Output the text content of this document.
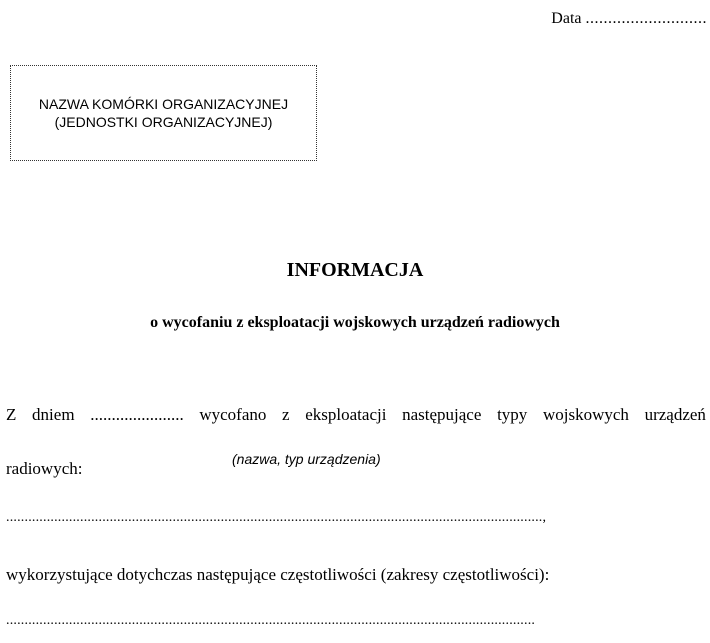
Data ...........................
NAZWA KOMÓRKI ORGANIZACYJNEJ
(JEDNOSTKI ORGANIZACYJNEJ)
INFORMACJA
o wycofaniu z eksploatacji wojskowych urządzeń radiowych
Z dniem ...................... wycofano z eksploatacji następujące typy wojskowych urządzeń
radiowych:	(nazwa, typ urządzenia)
.................................................................................................................................................,
wykorzystujące dotychczas następujące częstotliwości (zakresy częstotliwości):
...............................................................................................................................................
